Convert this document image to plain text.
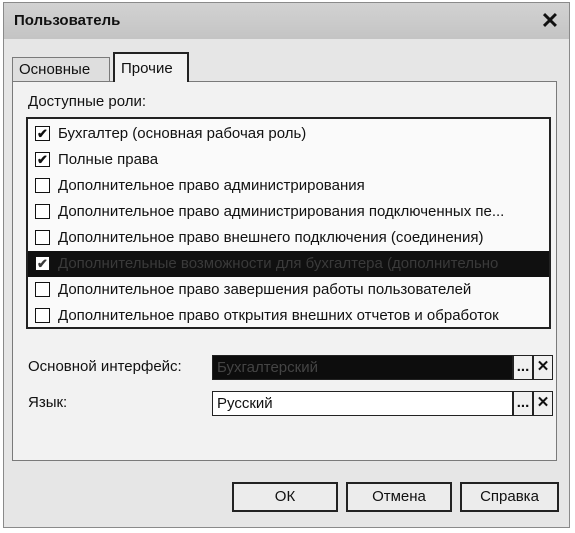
Пользователь	✕
Основные	Прочие
Доступные роли:
✔ Бухгалтер (основная рабочая роль)
✔ Полные права
Дополнительное право администрирования
Дополнительное право администрирования подключенных пе...
Дополнительное право внешнего подключения (соединения)
✔ Дополнительные возможности для бухгалтера (дополнительно
Дополнительное право завершения работы пользователей
Дополнительное право открытия внешних отчетов и обработок
Основной интерфейс:	Бухгалтерский	... ✕
Язык:	Русский	... ✕
ОК	Отмена	Справка
